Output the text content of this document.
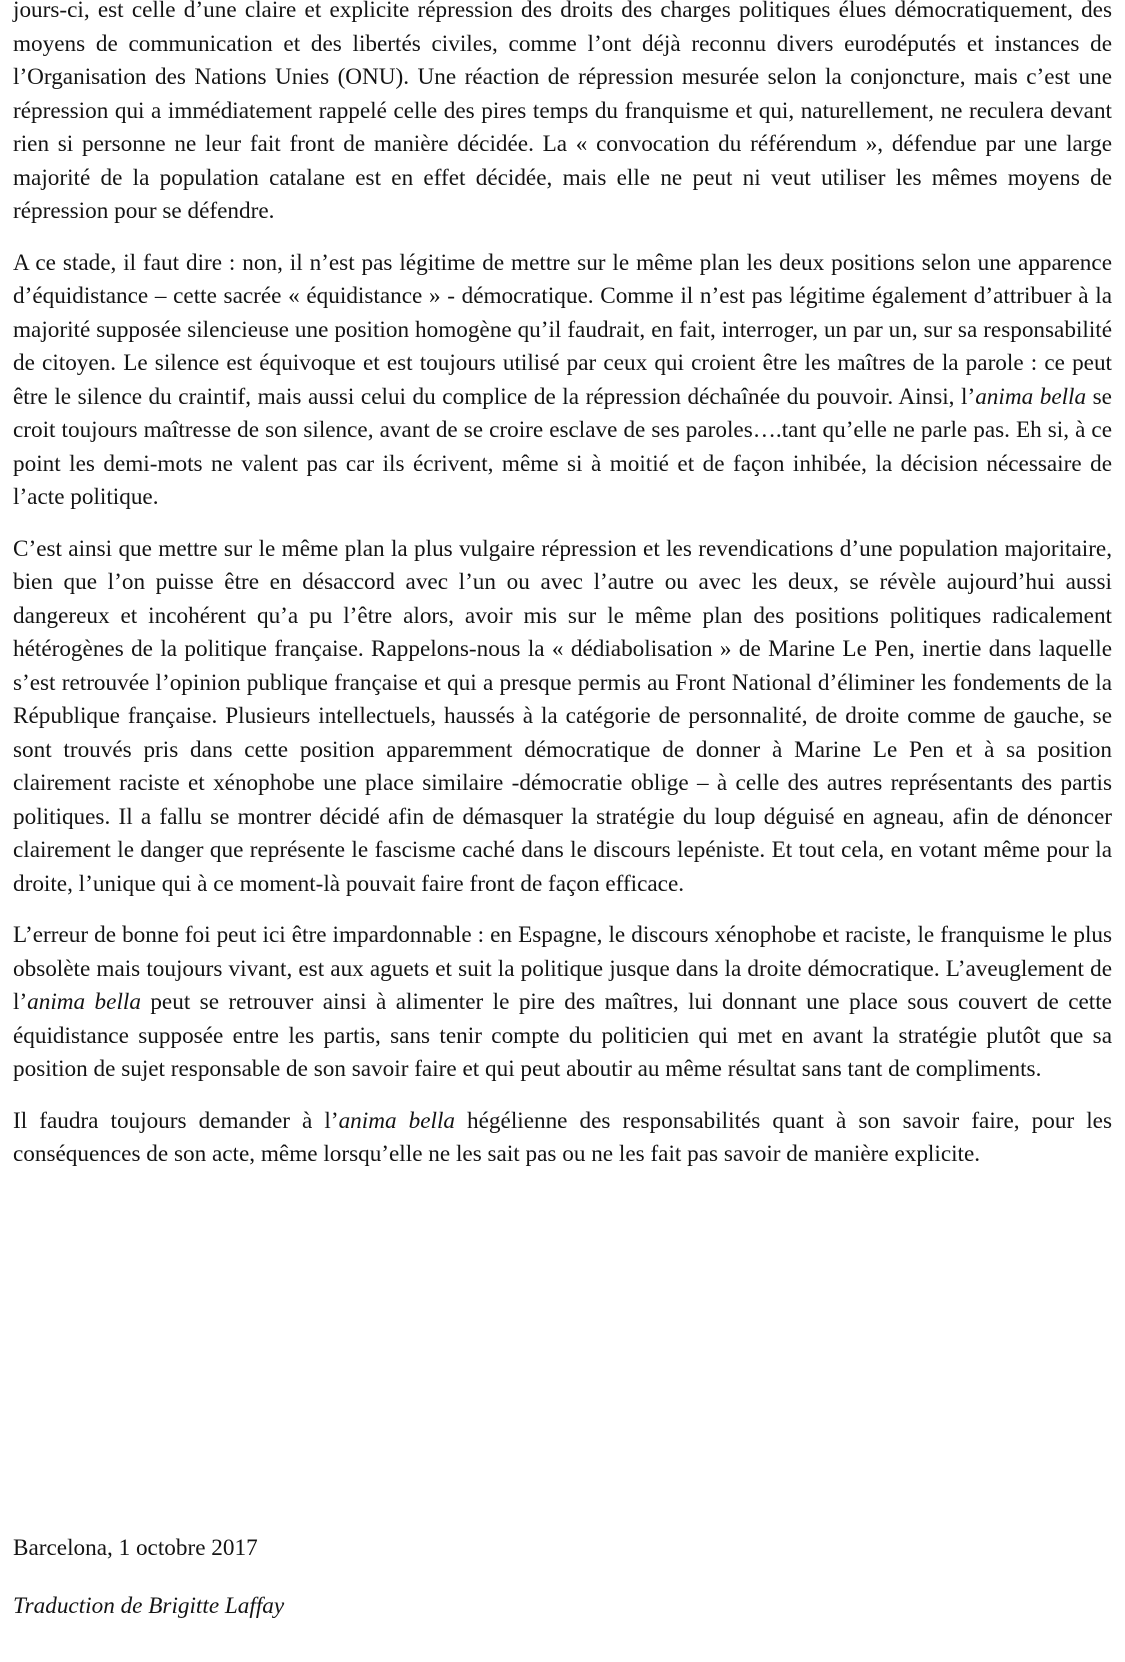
jours-ci, est celle d’une claire et explicite répression des droits des charges politiques élues démocratiquement, des moyens de communication et des libertés civiles, comme l’ont déjà reconnu divers eurodéputés et instances de l’Organisation des Nations Unies (ONU). Une réaction de répression mesurée selon la conjoncture, mais c’est une répression qui a immédiatement rappelé celle des pires temps du franquisme et qui, naturellement, ne reculera devant rien si personne ne leur fait front de manière décidée. La « convocation du référendum », défendue par une large majorité de la population catalane est en effet décidée, mais elle ne peut ni veut utiliser les mêmes moyens de répression pour se défendre.

A ce stade, il faut dire : non, il n’est pas légitime de mettre sur le même plan les deux positions selon une apparence d’équidistance – cette sacrée « équidistance » - démocratique. Comme il n’est pas légitime également d’attribuer à la majorité supposée silencieuse une position homogène qu’il faudrait, en fait, interroger, un par un, sur sa responsabilité de citoyen. Le silence est équivoque et est toujours utilisé par ceux qui croient être les maîtres de la parole : ce peut être le silence du craintif, mais aussi celui du complice de la répression déchaînée du pouvoir. Ainsi, l’anima bella se croit toujours maîtresse de son silence, avant de se croire esclave de ses paroles….tant qu’elle ne parle pas. Eh si, à ce point les demi-mots ne valent pas car ils écrivent, même si à moitié et de façon inhibée, la décision nécessaire de l’acte politique.

C’est ainsi que mettre sur le même plan la plus vulgaire répression et les revendications d’une population majoritaire, bien que l’on puisse être en désaccord avec l’un ou avec l’autre ou avec les deux, se révèle aujourd’hui aussi dangereux et incohérent qu’a pu l’être alors, avoir mis sur le même plan des positions politiques radicalement hétérogènes de la politique française. Rappelons-nous la « dédiabolisation » de Marine Le Pen, inertie dans laquelle s’est retrouvée l’opinion publique française et qui a presque permis au Front National d’éliminer les fondements de la République française. Plusieurs intellectuels, haussés à la catégorie de personnalité, de droite comme de gauche, se sont trouvés pris dans cette position apparemment démocratique de donner à Marine Le Pen et à sa position clairement raciste et xénophobe une place similaire -démocratie oblige – à celle des autres représentants des partis politiques. Il a fallu se montrer décidé afin de démasquer la stratégie du loup déguisé en agneau, afin de dénoncer clairement le danger que représente le fascisme caché dans le discours lepéniste. Et tout cela, en votant même pour la droite, l’unique qui à ce moment-là pouvait faire front de façon efficace.

L’erreur de bonne foi peut ici être impardonnable : en Espagne, le discours xénophobe et raciste, le franquisme le plus obsolète mais toujours vivant, est aux aguets et suit la politique jusque dans la droite démocratique. L’aveuglement de l’anima bella peut se retrouver ainsi à alimenter le pire des maîtres, lui donnant une place sous couvert de cette équidistance supposée entre les partis, sans tenir compte du politicien qui met en avant la stratégie plutôt que sa position de sujet responsable de son savoir faire et qui peut aboutir au même résultat sans tant de compliments.

Il faudra toujours demander à l’anima bella hégélienne des responsabilités quant à son savoir faire, pour les conséquences de son acte, même lorsqu’elle ne les sait pas ou ne les fait pas savoir de manière explicite.

Barcelona, 1 octobre 2017

Traduction de Brigitte Laffay
